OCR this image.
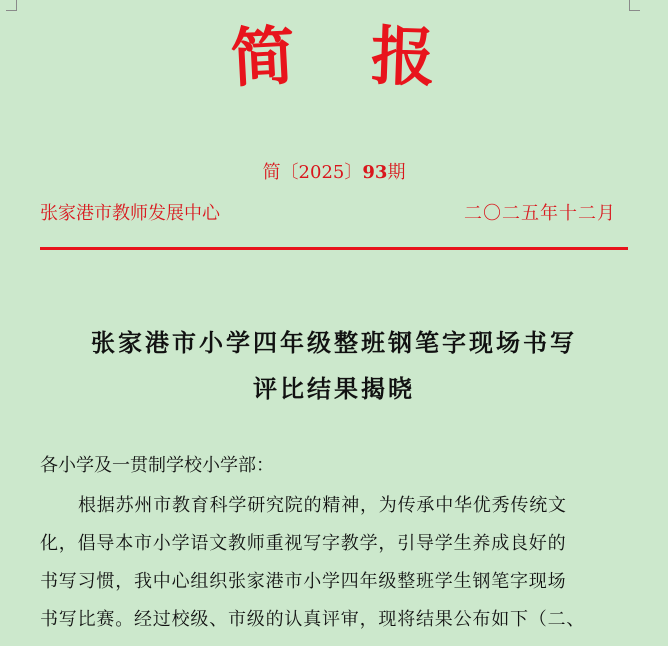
简 报
简〔2025〕93期
张家港市教师发展中心	二〇二五年十二月
张家港市小学四年级整班钢笔字现场书写
评比结果揭晓
各小学及一贯制学校小学部：
根据苏州市教育科学研究院的精神，为传承中华优秀传统文
化，倡导本市小学语文教师重视写字教学，引导学生养成良好的
书写习惯，我中心组织张家港市小学四年级整班学生钢笔字现场
书写比赛。经过校级、市级的认真评审，现将结果公布如下（二、
